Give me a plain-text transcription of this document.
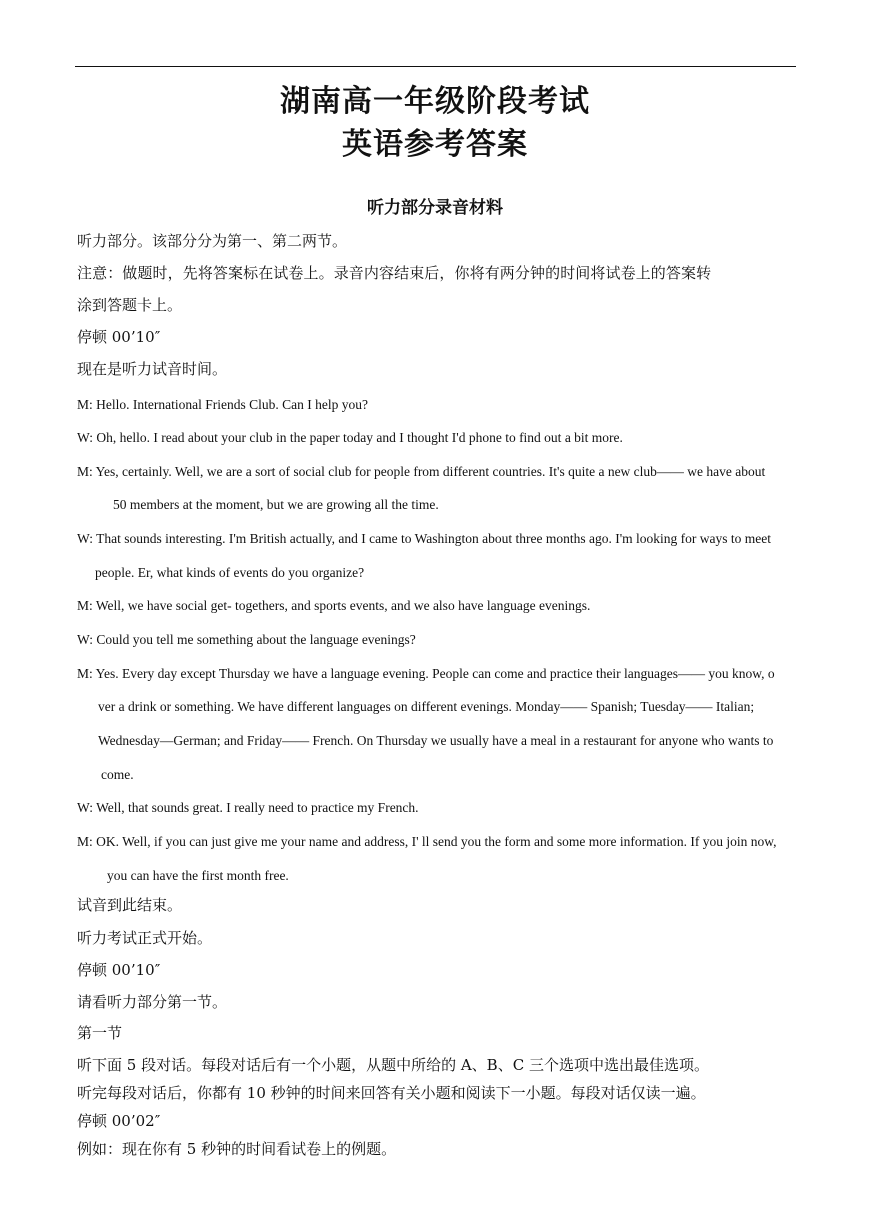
湖南高一年级阶段考试
英语参考答案
听力部分录音材料
听力部分。该部分分为第一、第二两节。
注意：做题时，先将答案标在试卷上。录音内容结束后，你将有两分钟的时间将试卷上的答案转
涂到答题卡上。
停顿 00’10″
现在是听力试音时间。
M: Hello. International Friends Club. Can I help you?
W: Oh, hello. I read about your club in the paper today and I thought I'd phone to find out a bit more.
M: Yes, certainly. Well, we are a sort of social club for people from different countries. It's quite a new club—— we have about
50 members at the moment, but we are growing all the time.
W: That sounds interesting. I'm British actually, and I came to Washington about three months ago. I'm looking for ways to meet
people. Er, what kinds of events do you organize?
M: Well, we have social get- togethers, and sports events, and we also have language evenings.
W: Could you tell me something about the language evenings?
M: Yes. Every day except Thursday we have a language evening. People can come and practice their languages—— you know, o
ver a drink or something. We have different languages on different evenings. Monday—— Spanish; Tuesday—— Italian;
Wednesday—German; and Friday—— French. On Thursday we usually have a meal in a restaurant for anyone who wants to
come.
W: Well, that sounds great. I really need to practice my French.
M: OK. Well, if you can just give me your name and address, I' ll send you the form and some more information. If you join now,
you can have the first month free.
试音到此结束。
听力考试正式开始。
停顿 00’10″
请看听力部分第一节。
第一节
听下面 5 段对话。每段对话后有一个小题，从题中所给的 A、B、C 三个选项中选出最佳选项。
听完每段对话后，你都有 10 秒钟的时间来回答有关小题和阅读下一小题。每段对话仅读一遍。
停顿 00’02″
例如：现在你有 5 秒钟的时间看试卷上的例题。
